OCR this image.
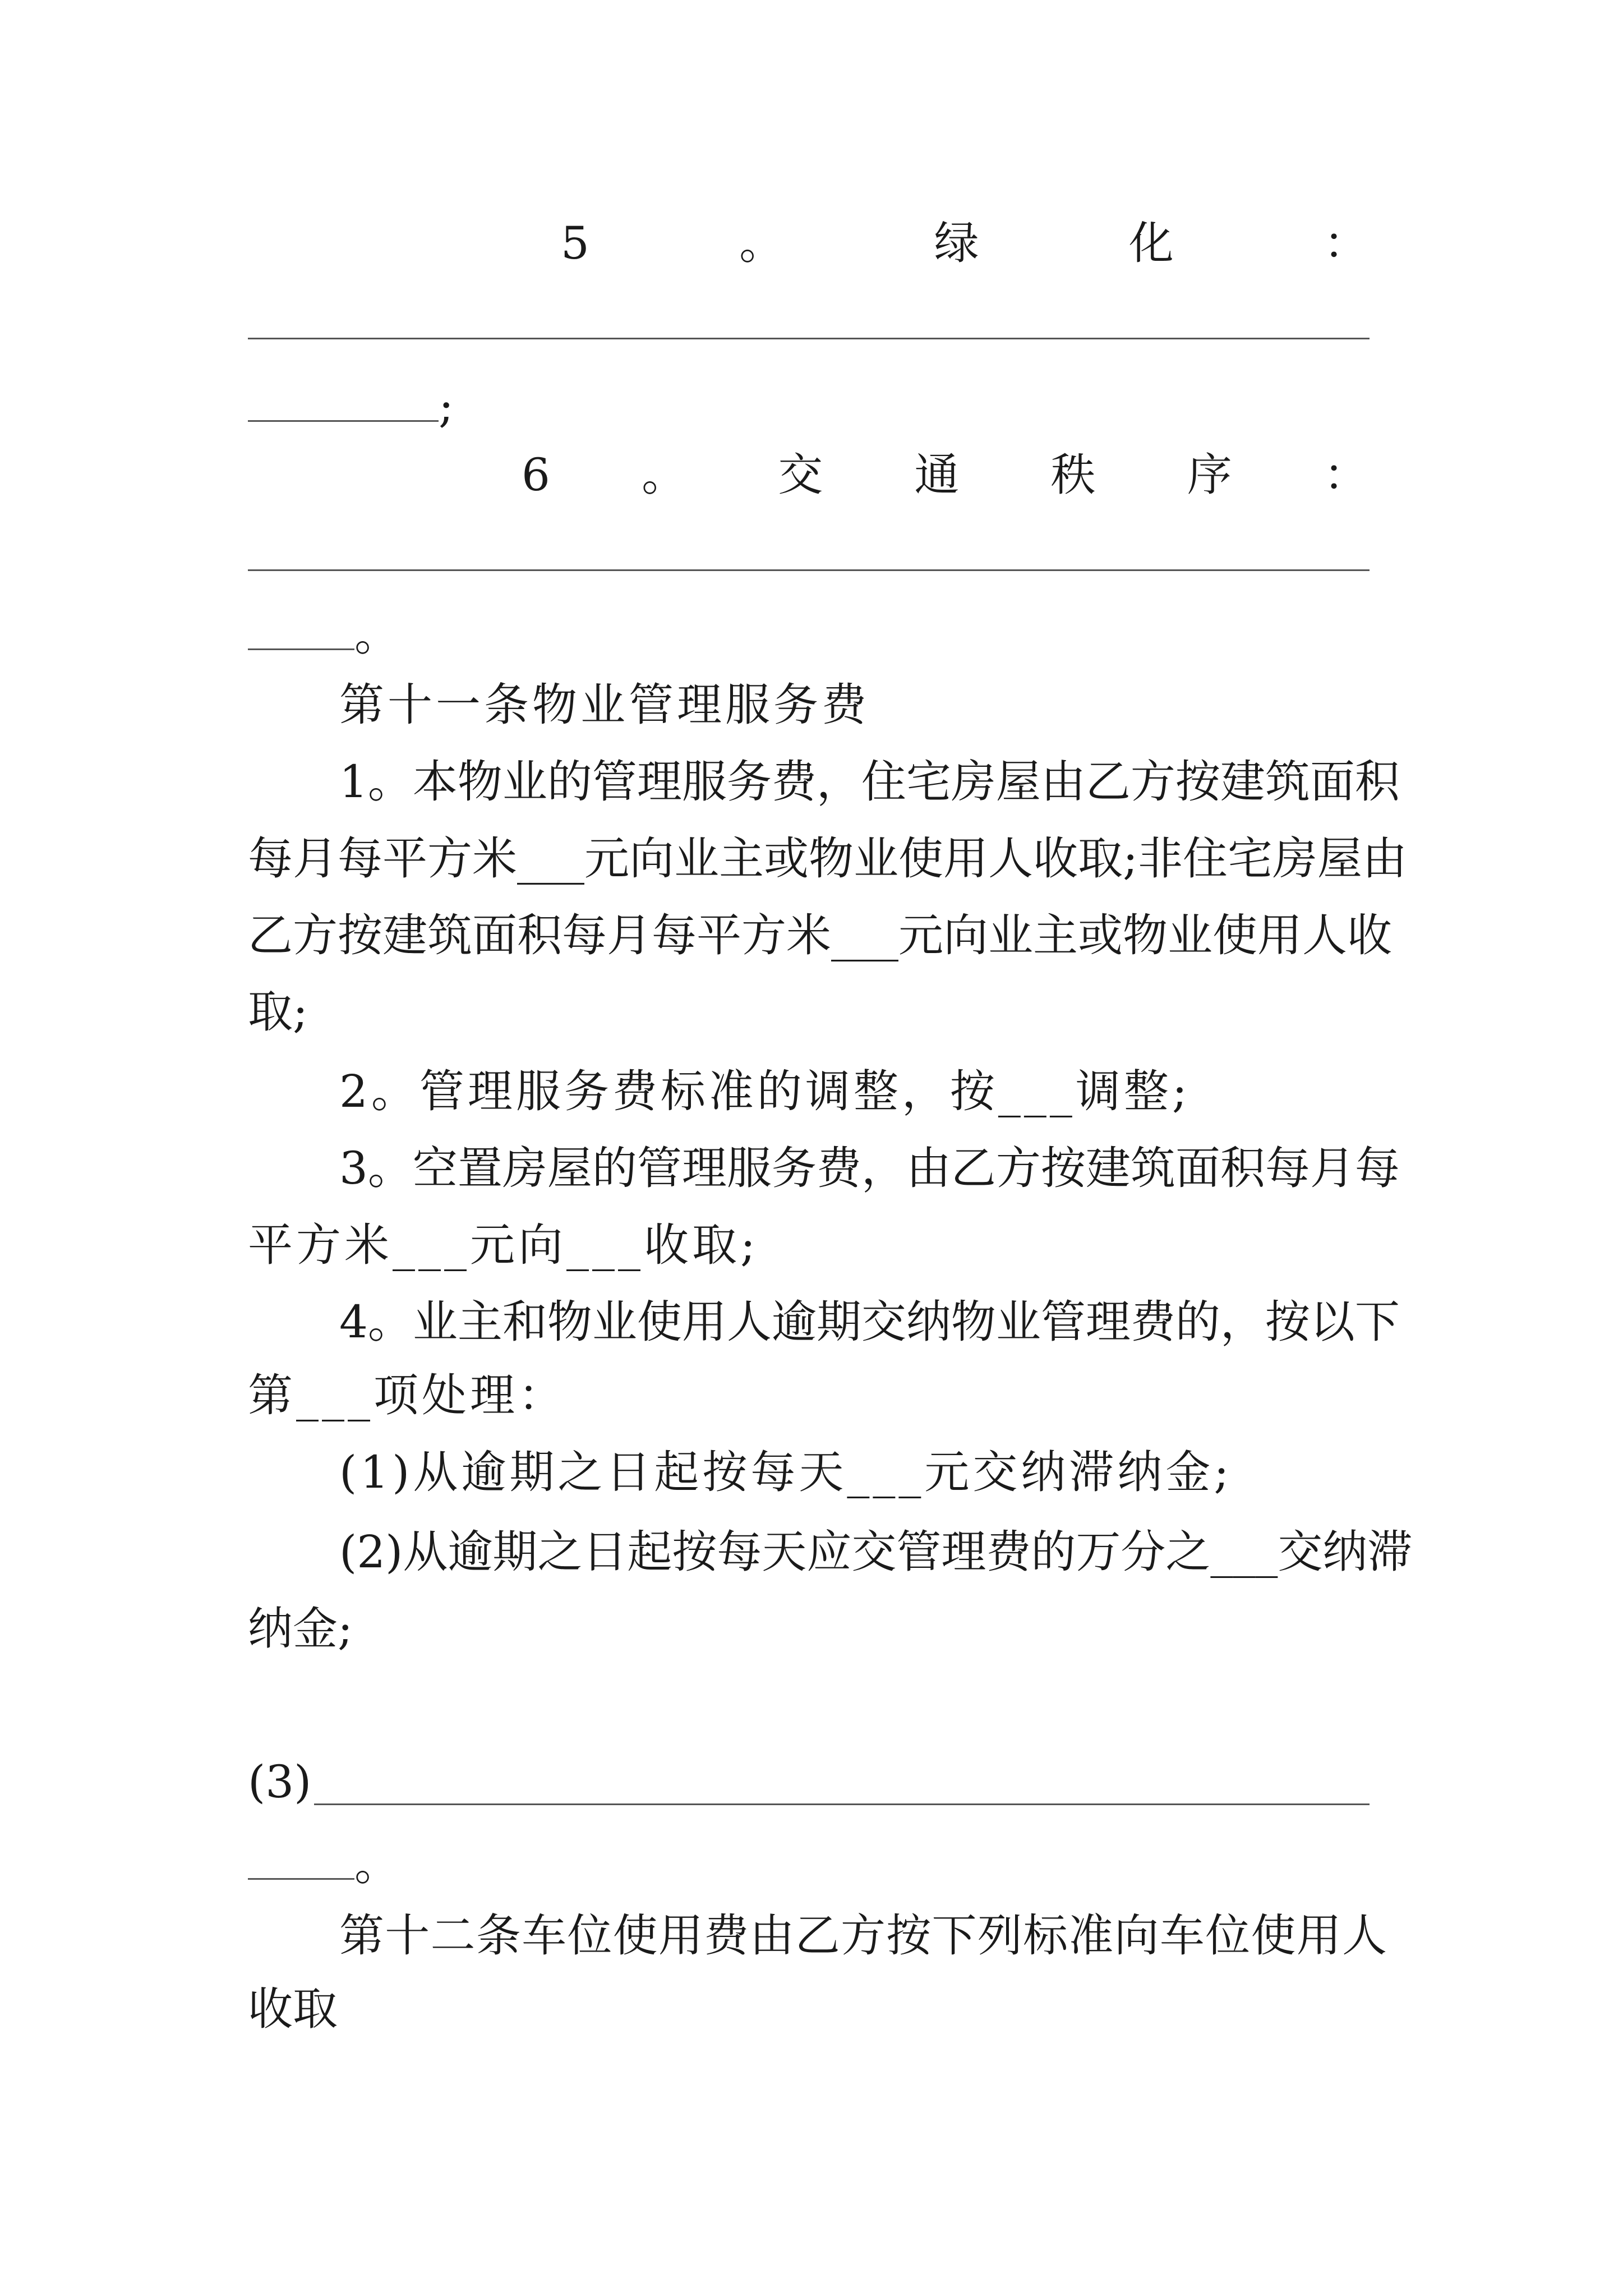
5	。	绿	化	：
;
6 。 交 通 秩 序 ：
。
第十一条物业管理服务费
1。本物业的管理服务费，住宅房屋由乙方按建筑面积
每月每平方米___元向业主或物业使用人收取;非住宅房屋由
乙方按建筑面积每月每平方米___元向业主或物业使用人收
取;
2。管理服务费标准的调整，按___调整;
3。空置房屋的管理服务费，由乙方按建筑面积每月每
平方米___元向___收取;
4。业主和物业使用人逾期交纳物业管理费的，按以下
第___项处理：
(1)从逾期之日起按每天___元交纳滞纳金;
(2)从逾期之日起按每天应交管理费的万分之___交纳滞
纳金;
(3)
。
第十二条车位使用费由乙方按下列标准向车位使用人
收取
